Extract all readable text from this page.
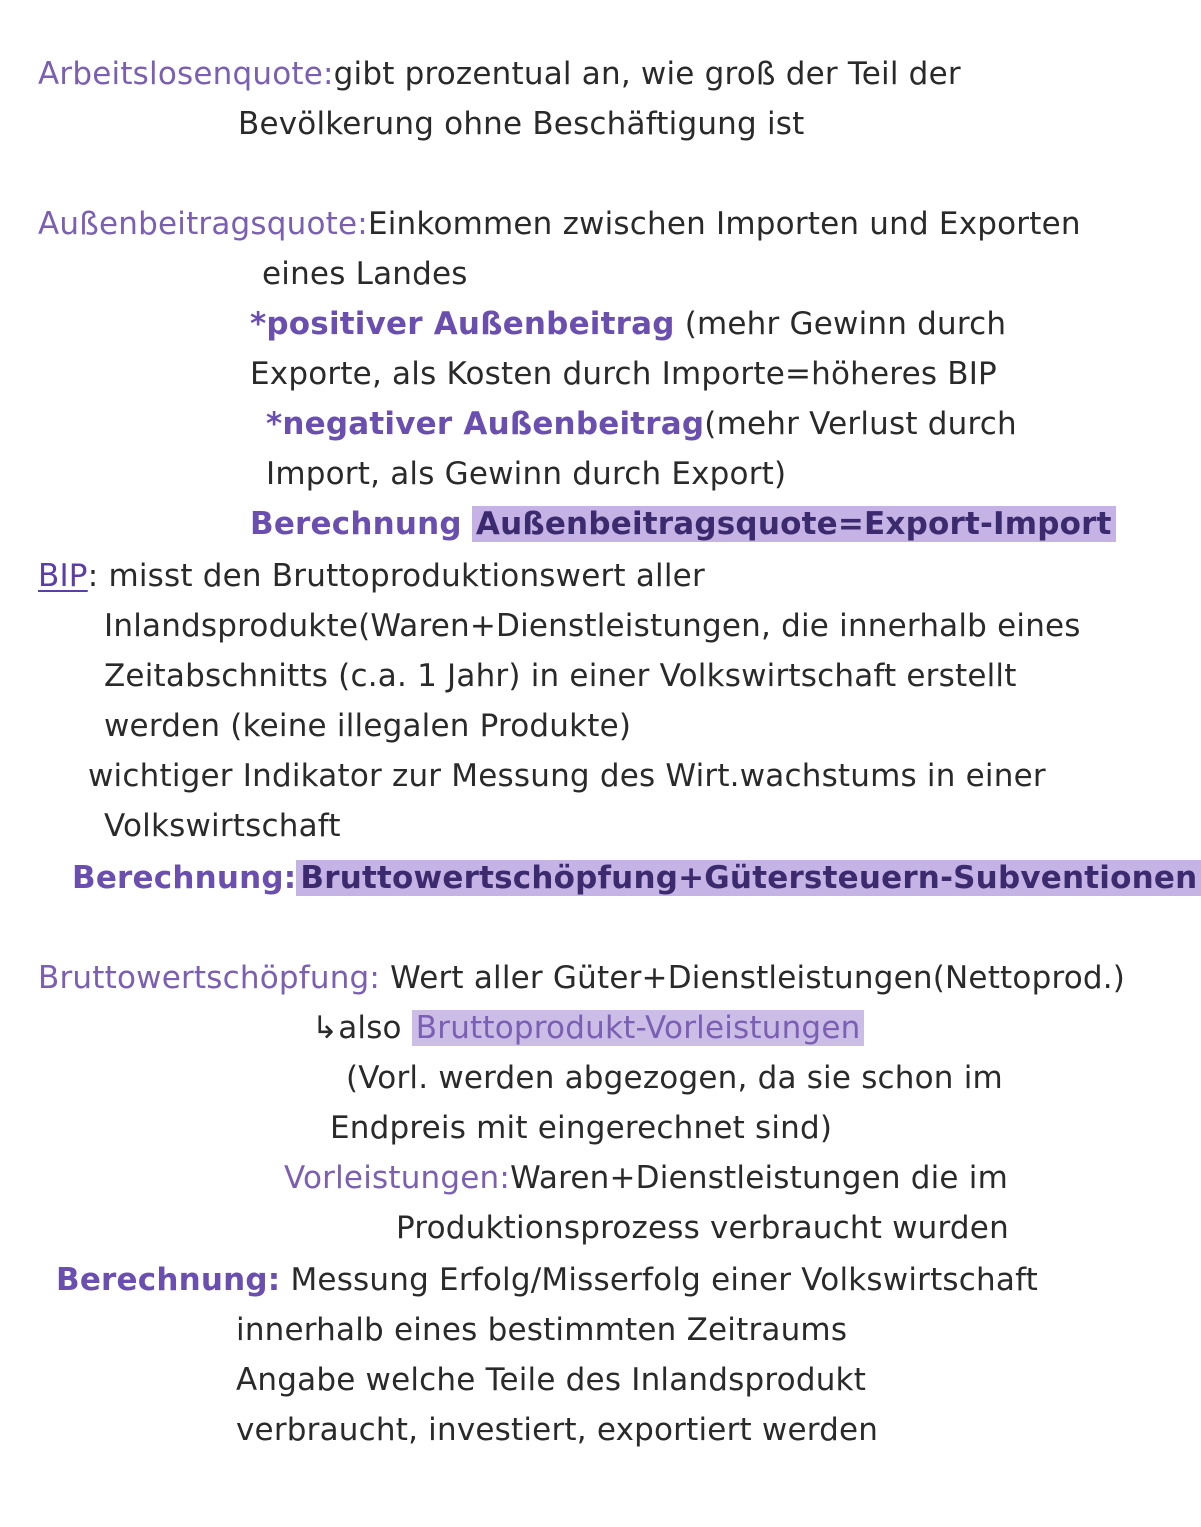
Arbeitslosenquote:gibt prozentual an, wie groß der Teil der
Bevölkerung ohne Beschäftigung ist
Außenbeitragsquote:Einkommen zwischen Importen und Exporten
eines Landes
*positiver Außenbeitrag (mehr Gewinn durch
Exporte, als Kosten durch Importe=höheres BIP
*negativer Außenbeitrag(mehr Verlust durch
Import, als Gewinn durch Export)
Berechnung Außenbeitragsquote=Export-Import
BIP: misst den Bruttoproduktionswert aller
Inlandsprodukte(Waren+Dienstleistungen, die innerhalb eines
Zeitabschnitts (c.a. 1 Jahr) in einer Volkswirtschaft erstellt
werden (keine illegalen Produkte)
wichtiger Indikator zur Messung des Wirt.wachstums in einer
Volkswirtschaft
Berechnung: Bruttowertschöpfung+Gütersteuern-Subventionen
Bruttowertschöpfung: Wert aller Güter+Dienstleistungen(Nettoprod.)
↳also Bruttoprodukt-Vorleistungen
(Vorl. werden abgezogen, da sie schon im
Endpreis mit eingerechnet sind)
Vorleistungen:Waren+Dienstleistungen die im
Produktionsprozess verbraucht wurden
Berechnung: Messung Erfolg/Misserfolg einer Volkswirtschaft
innerhalb eines bestimmten Zeitraums
Angabe welche Teile des Inlandsprodukt
verbraucht, investiert, exportiert werden
